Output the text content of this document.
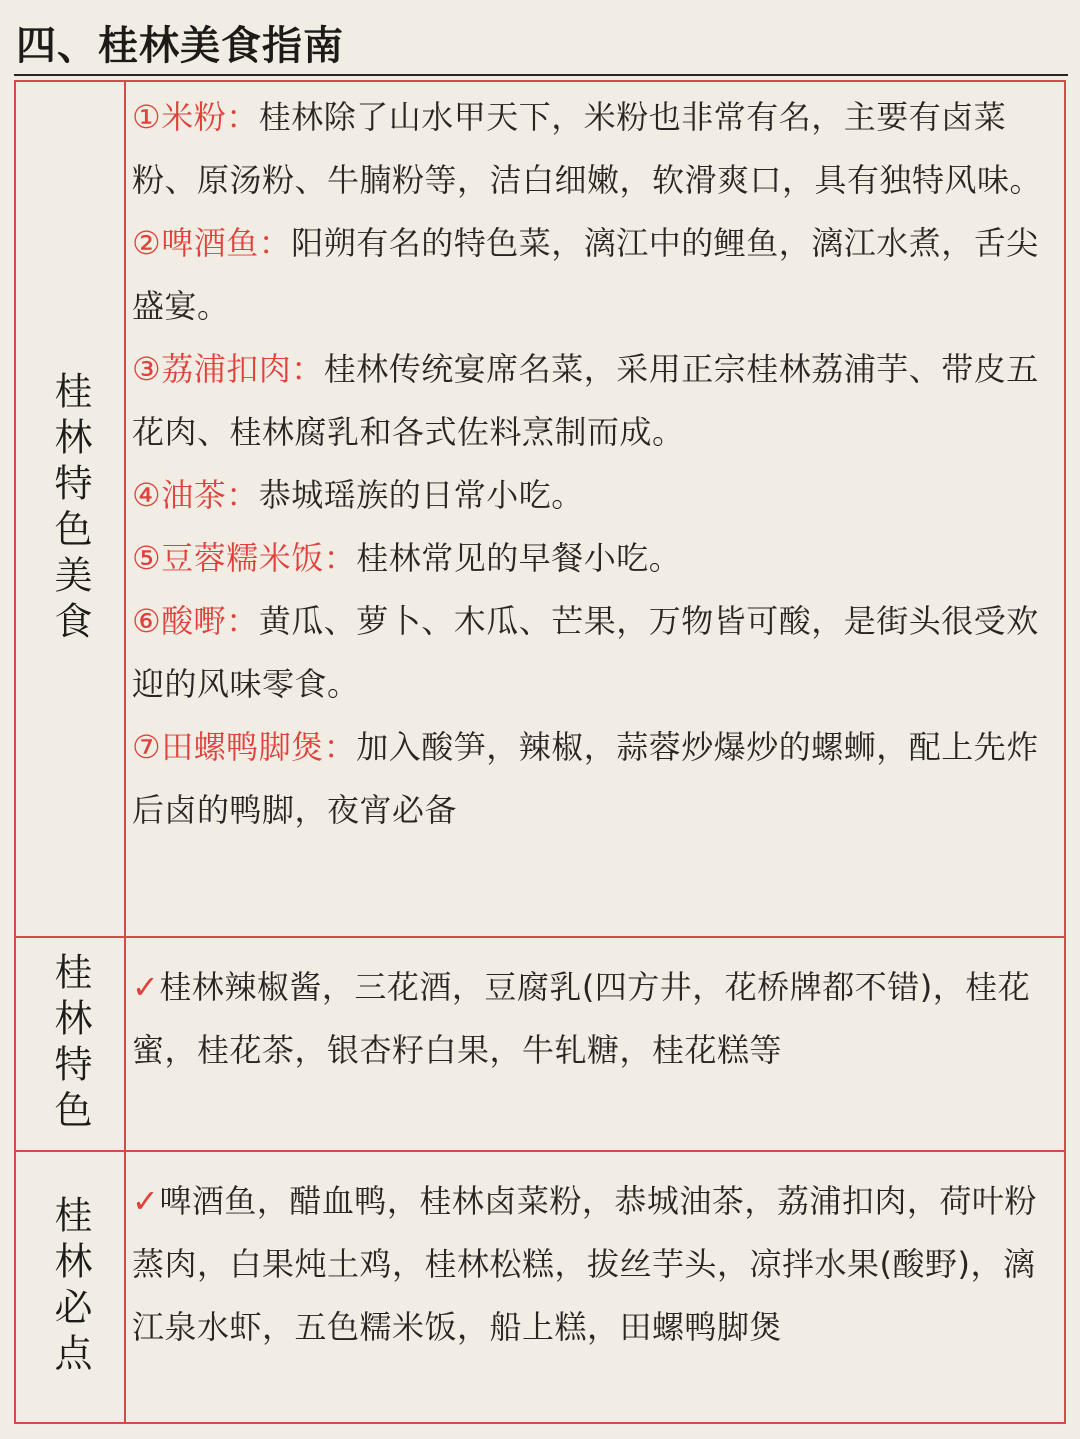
四、桂林美食指南
桂林特色美食

①米粉：桂林除了山水甲天下，米粉也非常有名，主要有卤菜粉、原汤粉、牛腩粉等，洁白细嫩，软滑爽口，具有独特风味。

②啤酒鱼：阳朔有名的特色菜，漓江中的鲤鱼，漓江水煮，舌尖盛宴。

③荔浦扣肉：桂林传统宴席名菜，采用正宗桂林荔浦芋、带皮五花肉、桂林腐乳和各式佐料烹制而成。

④油茶：恭城瑶族的日常小吃。

⑤豆蓉糯米饭：桂林常见的早餐小吃。

⑥酸嘢：黄瓜、萝卜、木瓜、芒果，万物皆可酸，是街头很受欢迎的风味零食。

⑦田螺鸭脚煲：加入酸笋，辣椒，蒜蓉炒爆炒的螺蛳，配上先炸后卤的鸭脚，夜宵必备

桂林特色 ✓桂林辣椒酱，三花酒，豆腐乳(四方井，花桥牌都不错)，桂花蜜，桂花茶，银杏籽白果，牛轧糖，桂花糕等

桂林必点 ✓啤酒鱼，醋血鸭，桂林卤菜粉，恭城油茶，荔浦扣肉，荷叶粉蒸肉，白果炖土鸡，桂林松糕，拔丝芋头，凉拌水果(酸野)，漓江泉水虾，五色糯米饭，船上糕，田螺鸭脚煲
